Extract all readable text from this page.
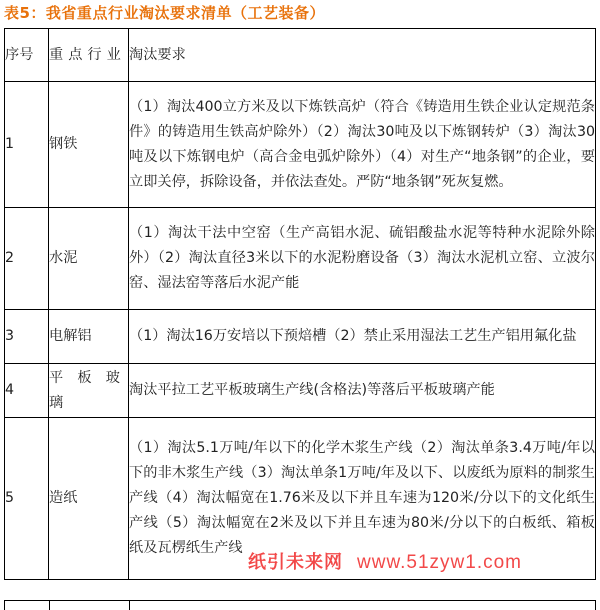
表5：我省重点行业淘汰要求清单（工艺装备）
序号	重点行业	淘汰要求
1	钢铁	（1）淘汰400立方米及以下炼铁高炉（符合《铸造用生铁企业认定规范条件》的铸造用生铁高炉除外）（2）淘汰30吨及以下炼钢转炉（3）淘汰30吨及以下炼钢电炉（高合金电弧炉除外）（4）对生产“地条钢”的企业，要立即关停，拆除设备，并依法查处。严防“地条钢”死灰复燃。
2	水泥	（1）淘汰干法中空窑（生产高铝水泥、硫铝酸盐水泥等特种水泥除外除外）（2）淘汰直径3米以下的水泥粉磨设备（3）淘汰水泥机立窑、立波尔窑、湿法窑等落后水泥产能
3	电解铝	（1）淘汰16万安培以下预焙槽（2）禁止采用湿法工艺生产铝用氟化盐
4	平板玻璃	淘汰平拉工艺平板玻璃生产线(含格法)等落后平板玻璃产能
5	造纸	（1）淘汰5.1万吨/年以下的化学木浆生产线（2）淘汰单条3.4万吨/年以下的非木浆生产线（3）淘汰单条1万吨/年及以下、以废纸为原料的制浆生产线（4）淘汰幅宽在1.76米及以下并且车速为120米/分以下的文化纸生产线（5）淘汰幅宽在2米及以下并且车速为80米/分以下的白板纸、箱板纸及瓦楞纸生产线
纸引未来网 www.51zyw1.com
